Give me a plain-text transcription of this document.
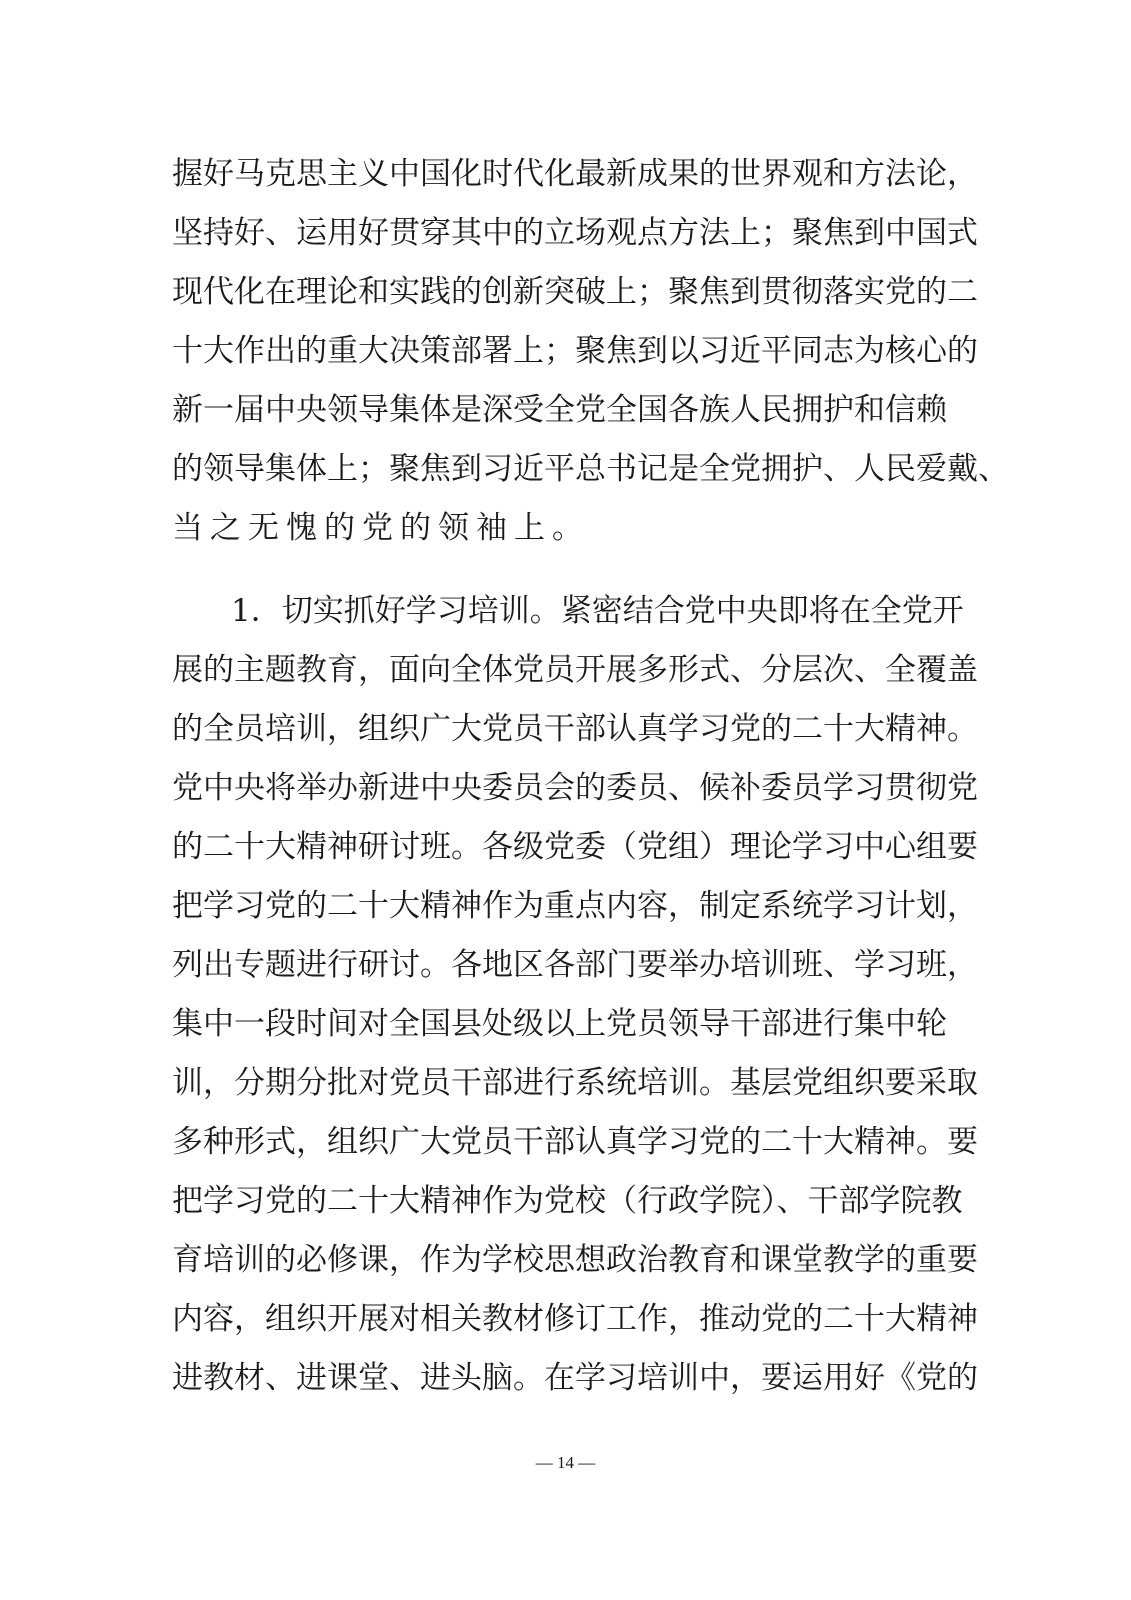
握好马克思主义中国化时代化最新成果的世界观和方法论，
坚持好、运用好贯穿其中的立场观点方法上；聚焦到中国式
现代化在理论和实践的创新突破上；聚焦到贯彻落实党的二
十大作出的重大决策部署上；聚焦到以习近平同志为核心的
新一届中央领导集体是深受全党全国各族人民拥护和信赖
的领导集体上；聚焦到习近平总书记是全党拥护、人民爱戴、
当之无愧的党的领袖上。
1．切实抓好学习培训。紧密结合党中央即将在全党开
展的主题教育，面向全体党员开展多形式、分层次、全覆盖
的全员培训，组织广大党员干部认真学习党的二十大精神。
党中央将举办新进中央委员会的委员、候补委员学习贯彻党
的二十大精神研讨班。各级党委（党组）理论学习中心组要
把学习党的二十大精神作为重点内容，制定系统学习计划，
列出专题进行研讨。各地区各部门要举办培训班、学习班，
集中一段时间对全国县处级以上党员领导干部进行集中轮
训，分期分批对党员干部进行系统培训。基层党组织要采取
多种形式，组织广大党员干部认真学习党的二十大精神。要
把学习党的二十大精神作为党校（行政学院）、干部学院教
育培训的必修课，作为学校思想政治教育和课堂教学的重要
内容，组织开展对相关教材修订工作，推动党的二十大精神
进教材、进课堂、进头脑。在学习培训中，要运用好《党的
— 14 —
